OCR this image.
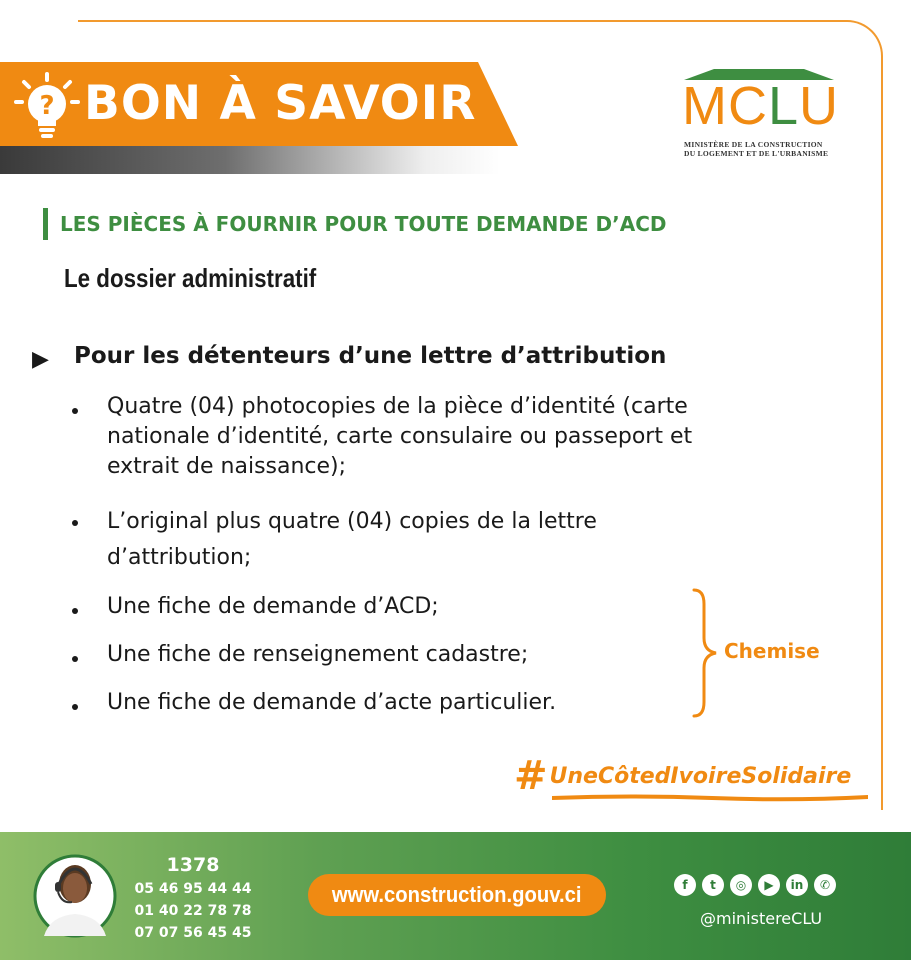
? BON À SAVOIR	MCLU
MINISTÈRE DE LA CONSTRUCTION
DU LOGEMENT ET DE L'URBANISME
LES PIÈCES À FOURNIR POUR TOUTE DEMANDE D’ACD
Le dossier administratif
▶ Pour les détenteurs d’une lettre d’attribution
Quatre (04) photocopies de la pièce d’identité (carte
nationale d’identité, carte consulaire ou passeport et
extrait de naissance);
L’original plus quatre (04) copies de la lettre
d’attribution;
Une fiche de demande d’ACD;
Une fiche de renseignement cadastre;
Une fiche de demande d’acte particulier.
Chemise
#UneCôtedIvoireSolidaire
1378
05 46 95 44 44
01 40 22 78 78
07 07 56 45 45
www.construction.gouv.ci	f	t	◎	▶	in	✆
@ministereCLU
